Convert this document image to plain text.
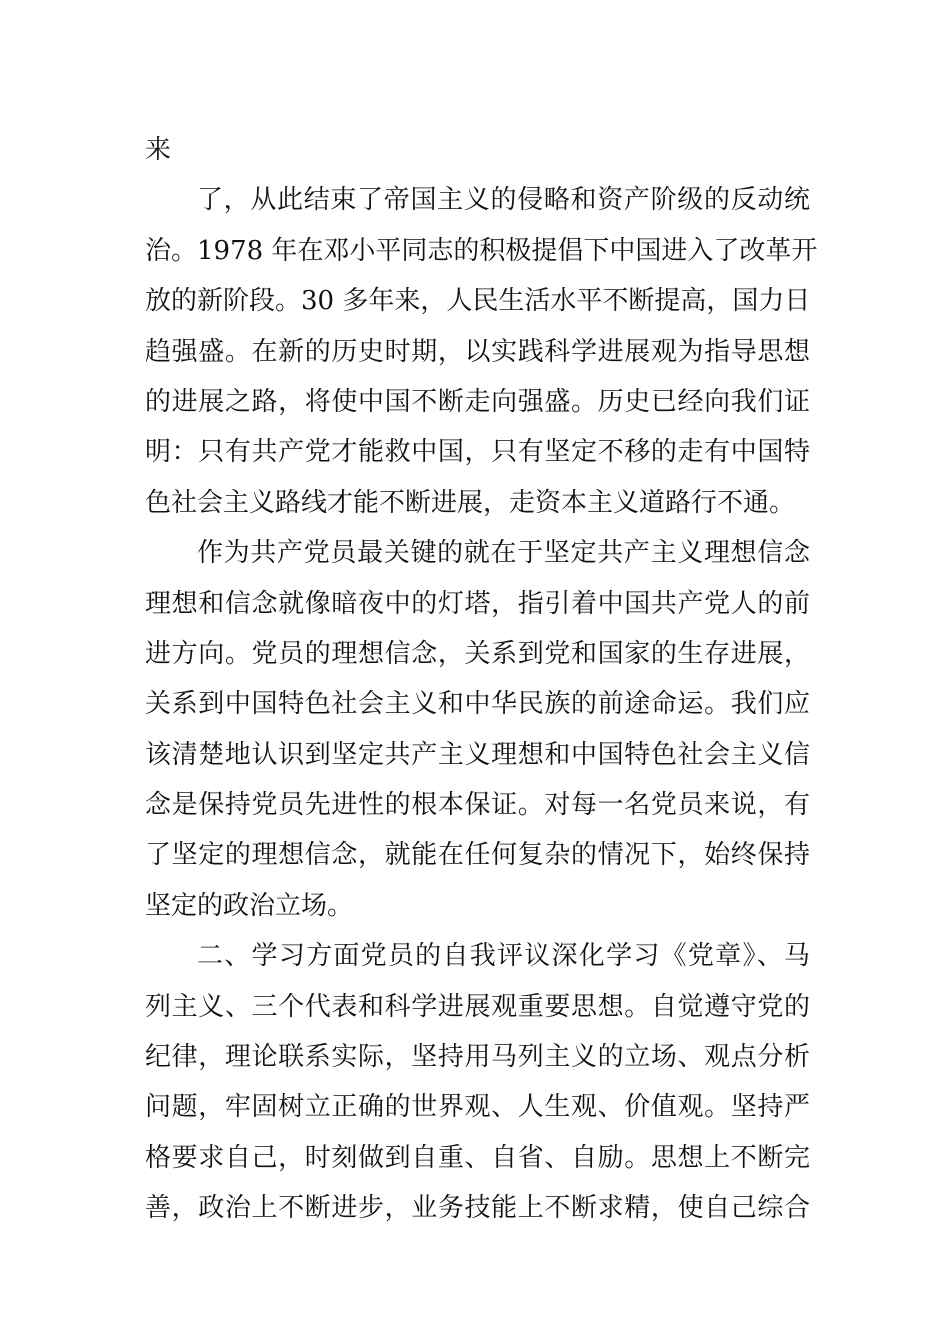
来
了，从此结束了帝国主义的侵略和资产阶级的反动统
治。1978 年在邓小平同志的积极提倡下中国进入了改革开
放的新阶段。30 多年来，人民生活水平不断提高，国力日
趋强盛。在新的历史时期，以实践科学进展观为指导思想
的进展之路，将使中国不断走向强盛。历史已经向我们证
明：只有共产党才能救中国，只有坚定不移的走有中国特
色社会主义路线才能不断进展，走资本主义道路行不通。
作为共产党员最关键的就在于坚定共产主义理想信念
理想和信念就像暗夜中的灯塔，指引着中国共产党人的前
进方向。党员的理想信念，关系到党和国家的生存进展，
关系到中国特色社会主义和中华民族的前途命运。我们应
该清楚地认识到坚定共产主义理想和中国特色社会主义信
念是保持党员先进性的根本保证。对每一名党员来说，有
了坚定的理想信念，就能在任何复杂的情况下，始终保持
坚定的政治立场。
二、学习方面党员的自我评议深化学习《党章》、马
列主义、三个代表和科学进展观重要思想。自觉遵守党的
纪律，理论联系实际，坚持用马列主义的立场、观点分析
问题，牢固树立正确的世界观、人生观、价值观。坚持严
格要求自己，时刻做到自重、自省、自励。思想上不断完
善，政治上不断进步，业务技能上不断求精，使自己综合
